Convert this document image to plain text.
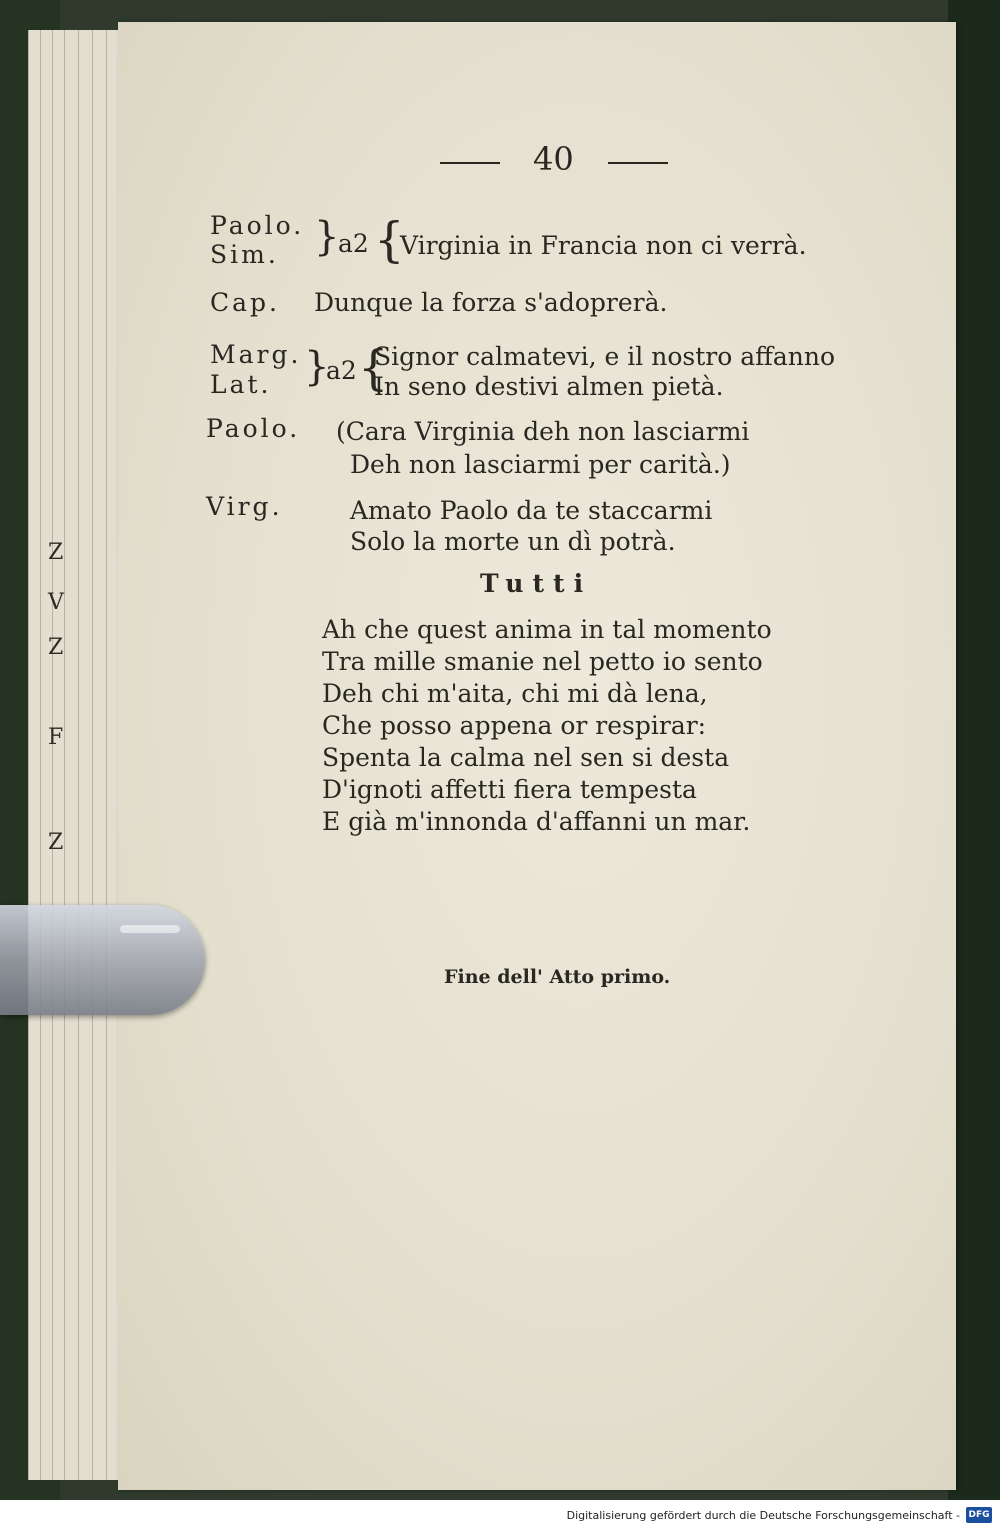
Z
V
Z
F
Z
40
Paolo.
Sim. }
a2 {
Virginia in Francia non ci verrà.
Cap. Dunque la forza s'adoprerà.
Marg.
Lat. }
a2 {
Signor calmatevi, e il nostro affanno
In seno destivi almen pietà.
Paolo. (Cara Virginia deh non lasciarmi
Deh non lasciarmi per carità.)
Virg.	Amato Paolo da te staccarmi
Solo la morte un dì potrà.
Tutti
Ah che quest anima in tal momento
Tra mille smanie nel petto io sento
Deh chi m'aita, chi mi dà lena,
Che posso appena or respirar:
Spenta la calma nel sen si desta
D'ignoti affetti fiera tempesta
E già m'innonda d'affanni un mar.
Fine dell' Atto primo.
Digitalisierung gefördert durch die Deutsche Forschungsgemeinschaft - DFG
